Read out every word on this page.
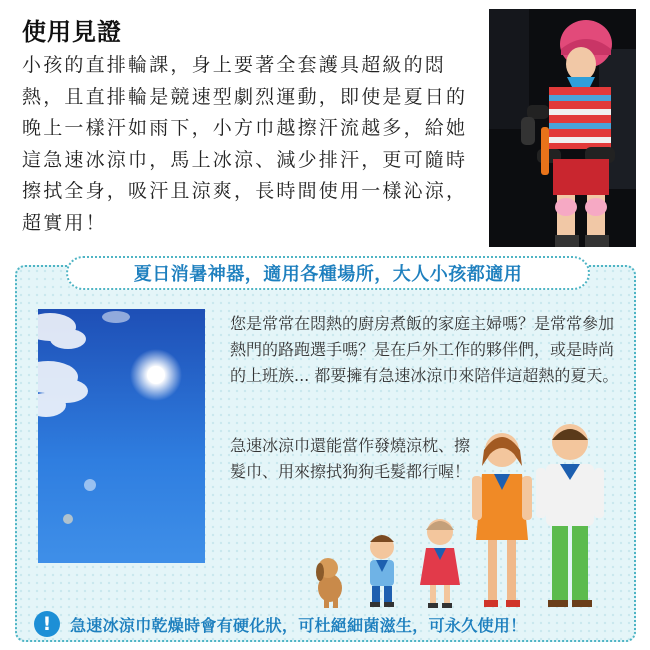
使用見證
小孩的直排輪課，身上要著全套護具超級的悶熱，且直排輪是競速型劇烈運動，即使是夏日的晚上一樣汗如雨下，小方巾越擦汗流越多，給她這急速冰涼巾，馬上冰涼、減少排汗，更可隨時擦拭全身，吸汗且涼爽，長時間使用一樣沁涼，超實用！
夏日消暑神器，適用各種場所，大人小孩都適用
您是常常在悶熱的廚房煮飯的家庭主婦嗎？是常常參加熱門的路跑選手嗎？是在戶外工作的夥伴們，或是時尚的上班族... 都要擁有急速冰涼巾來陪伴這超熱的夏天。
急速冰涼巾還能當作發燒涼枕、擦髮巾、用來擦拭狗狗毛髮都行喔！
!	急速冰涼巾乾燥時會有硬化狀，可杜絕細菌滋生，可永久使用！
